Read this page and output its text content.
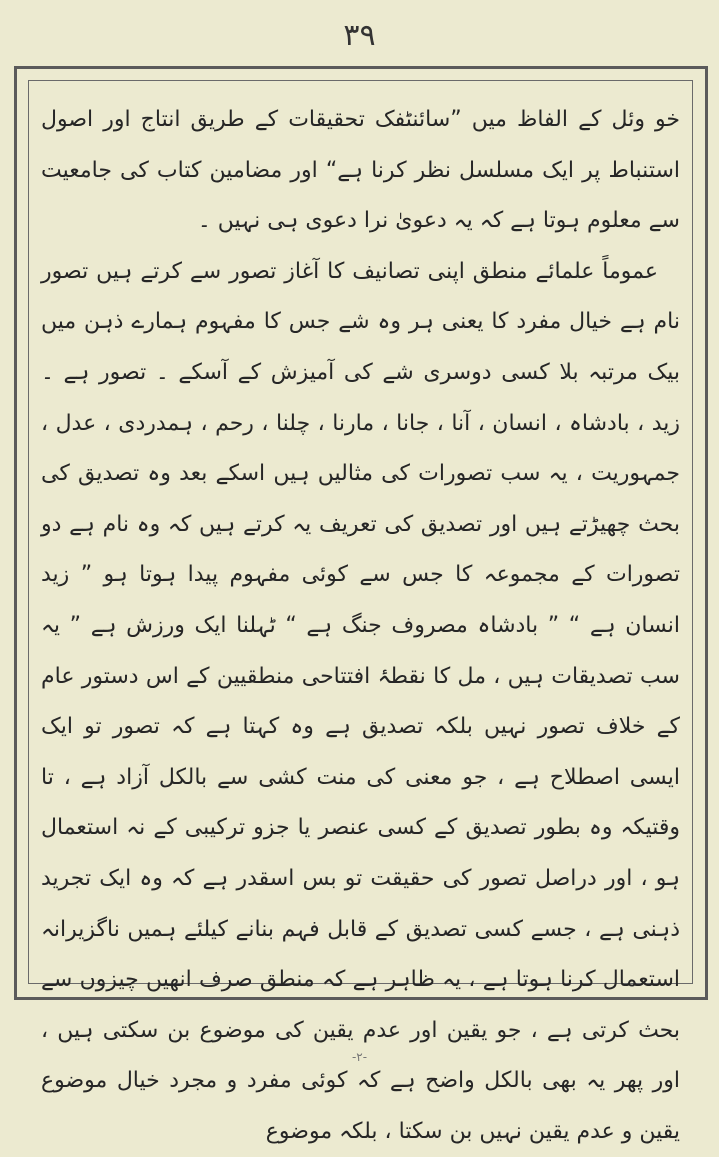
۳۹

خو وئل کے الفاظ میں ”سائنٹفک تحقیقات کے طریق انتاج اور اصول استنباط پر ایک مسلسل نظر کرنا ہے“ اور مضامین کتاب کی جامعیت سے معلوم ہوتا ہے کہ یہ دعویٰ نرا دعوی ہی نہیں ۔

عموماً علمائے منطق اپنی تصانیف کا آغاز تصور سے کرتے ہیں تصور نام ہے خیال مفرد کا یعنی ہر وہ شے جس کا مفہوم ہمارے ذہن میں بیک مرتبہ بلا کسی دوسری شے کی آمیزش کے آسکے ۔ تصور ہے ۔ زید ، بادشاہ ، انسان ، آنا ، جانا ، مارنا ، چلنا ، رحم ، ہمدردی ، عدل ، جمہوریت ، یہ سب تصورات کی مثالیں ہیں اسکے بعد وہ تصدیق کی بحث چھیڑتے ہیں اور تصدیق کی تعریف یہ کرتے ہیں کہ وہ نام ہے دو تصورات کے مجموعہ کا جس سے کوئی مفہوم پیدا ہوتا ہو ” زید انسان ہے “ ” بادشاہ مصروف جنگ ہے “ ٹہلنا ایک ورزش ہے ” یہ سب تصدیقات ہیں ، مل کا نقطۂ افتتاحی منطقیین کے اس دستور عام کے خلاف تصور نہیں بلکہ تصدیق ہے وہ کہتا ہے کہ تصور تو ایک ایسی اصطلاح ہے ، جو معنی کی منت کشی سے بالکل آزاد ہے ، تا وقتیکہ وہ بطور تصدیق کے کسی عنصر یا جزو ترکیبی کے نہ استعمال ہو ، اور دراصل تصور کی حقیقت تو بس اسقدر ہے کہ وہ ایک تجرید ذہنی ہے ، جسے کسی تصدیق کے قابل فہم بنانے کیلئے ہمیں ناگزیرانہ استعمال کرنا ہوتا ہے ، یہ ظاہر ہے کہ منطق صرف انھیں چیزوں سے بحث کرتی ہے ، جو یقین اور عدم یقین کی موضوع بن سکتی ہیں ، اور پھر یہ بھی بالکل واضح ہے کہ کوئی مفرد و مجرد خیال موضوع یقین و عدم یقین نہیں بن سکتا ، بلکہ موضوع

-۲-
